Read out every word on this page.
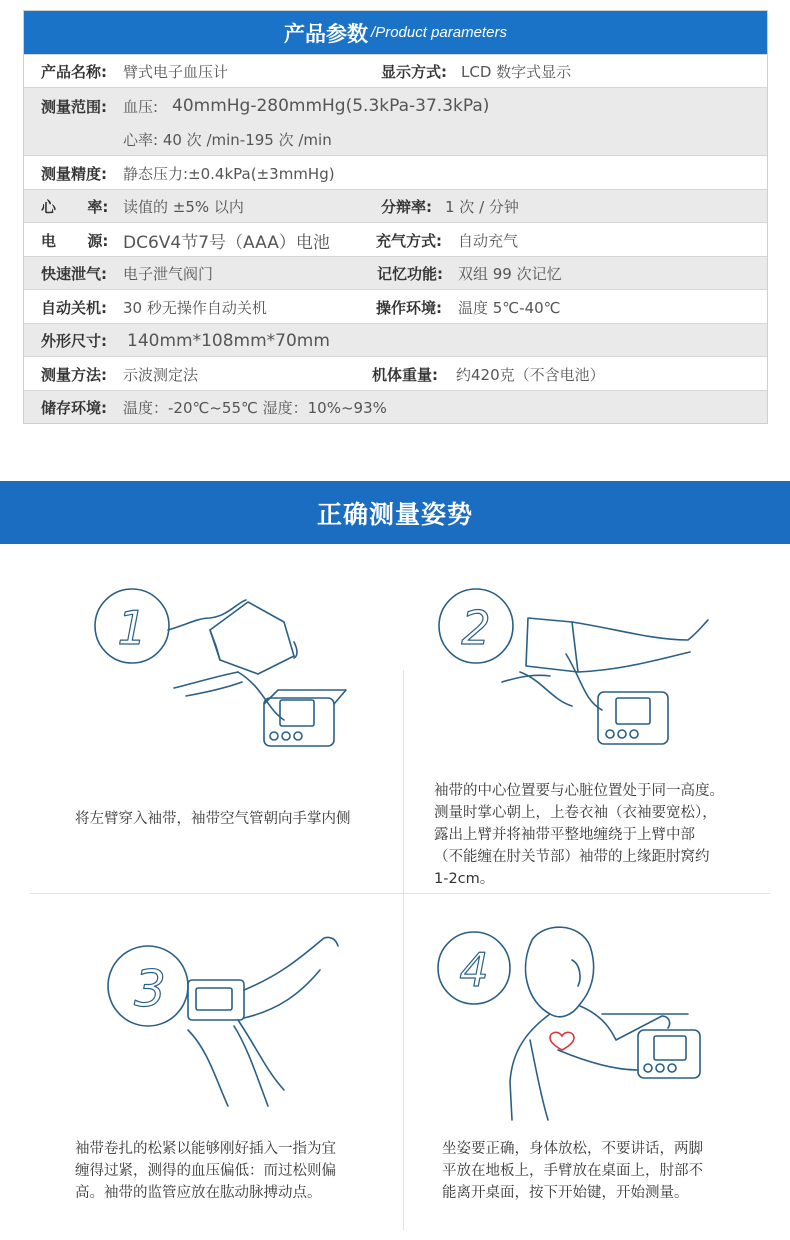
产品参数 /Product parameters
产品名称: 臂式电子血压计	显示方式: LCD 数字式显示
测量范围: 血压: 40mmHg-280mmHg(5.3kPa-37.3kPa)
心率: 40 次 /min-195 次 /min
测量精度: 静态压力:±0.4kPa(±3mmHg)
心      率: 读值的 ±5% 以内	分辩率: 1 次 / 分钟
电      源: DC6V4节7号（AAA）电池	充气方式: 自动充气
快速泄气: 电子泄气阀门	记忆功能: 双组 99 次记忆
自动关机: 30 秒无操作自动关机	操作环境: 温度 5℃-40℃
外形尺寸: 140mm*108mm*70mm
测量方法: 示波测定法	机体重量: 约420克（不含电池）
储存环境: 温度：-20℃~55℃ 湿度：10%~93%
正确测量姿势
1	2
3	4
将左臂穿入袖带，袖带空气管朝向手掌内侧
袖带的中心位置要与心脏位置处于同一高度。
测量时掌心朝上，上卷衣袖（衣袖要宽松），
露出上臂并将袖带平整地缠绕于上臂中部
（不能缠在肘关节部）袖带的上缘距肘窝约
1-2cm。
袖带卷扎的松紧以能够刚好插入一指为宜
缠得过紧，测得的血压偏低：而过松则偏
高。袖带的监管应放在肱动脉搏动点。
坐姿要正确，身体放松，不要讲话，两脚
平放在地板上，手臂放在桌面上，肘部不
能离开桌面，按下开始键，开始测量。
